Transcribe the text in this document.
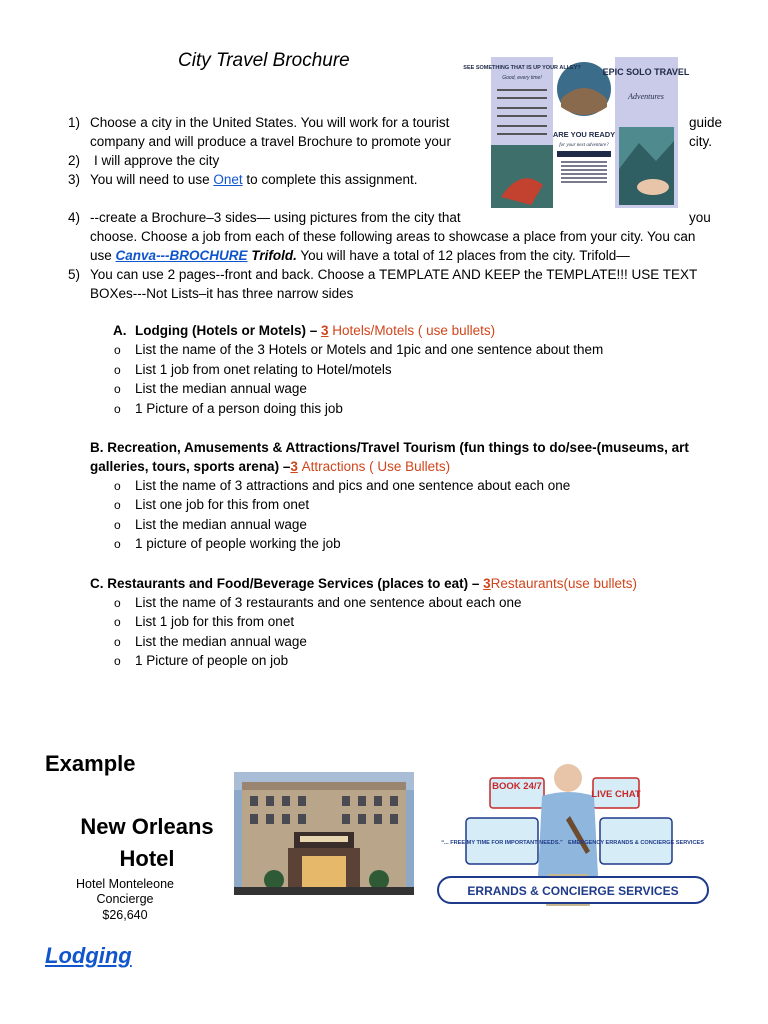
City Travel Brochure	SEE SOMETHING THAT IS UP YOUR ALLEY?
Good, every time!
EPIC SOLO TRAVEL
Adventures
ARE YOU READY
for your next adventure?
1) Choose a city in the United States. You will work for a tourist	guide
company and will produce a travel Brochure to promote your	city.
2) I will approve the city
3) You will need to use Onet to complete this assignment.
4) --create a Brochure–3 sides— using pictures from the city that	you
choose. Choose a job from each of these following areas to showcase a place from your city. You can
use Canva---BROCHURE Trifold. You will have a total of 12 places from the city. Trifold—
5) You can use 2 pages--front and back. Choose a TEMPLATE AND KEEP the TEMPLATE!!! USE TEXT
BOXes---Not Lists–it has three narrow sides
A. Lodging (Hotels or Motels) – 3 Hotels/Motels ( use bullets)
o List the name of the 3 Hotels or Motels and 1pic and one sentence about them
o List 1 job from onet relating to Hotel/motels
o List the median annual wage
o 1 Picture of a person doing this job
B. Recreation, Amusements & Attractions/Travel Tourism (fun things to do/see-(museums, art
galleries, tours, sports arena) –3 Attractions ( Use Bullets)
o List the name of 3 attractions and pics and one sentence about each one
o List one job for this from onet
o List the median annual wage
o 1 picture of people working the job
C. Restaurants and Food/Beverage Services (places to eat) – 3Restaurants(use bullets)
o List the name of 3 restaurants and one sentence about each one
o List 1 job for this from onet
o List the median annual wage
o 1 Picture of people on job
Example
New Orleans
Hotel
Hotel Monteleone
Concierge
$26,640
BOOK 24/7
LIVE CHAT
“... FREE MY TIME FOR IMPORTANT NEEDS.” EMERGENCY ERRANDS & CONCIERGE SERVICES
ERRANDS & CONCIERGE SERVICES
Lodging
